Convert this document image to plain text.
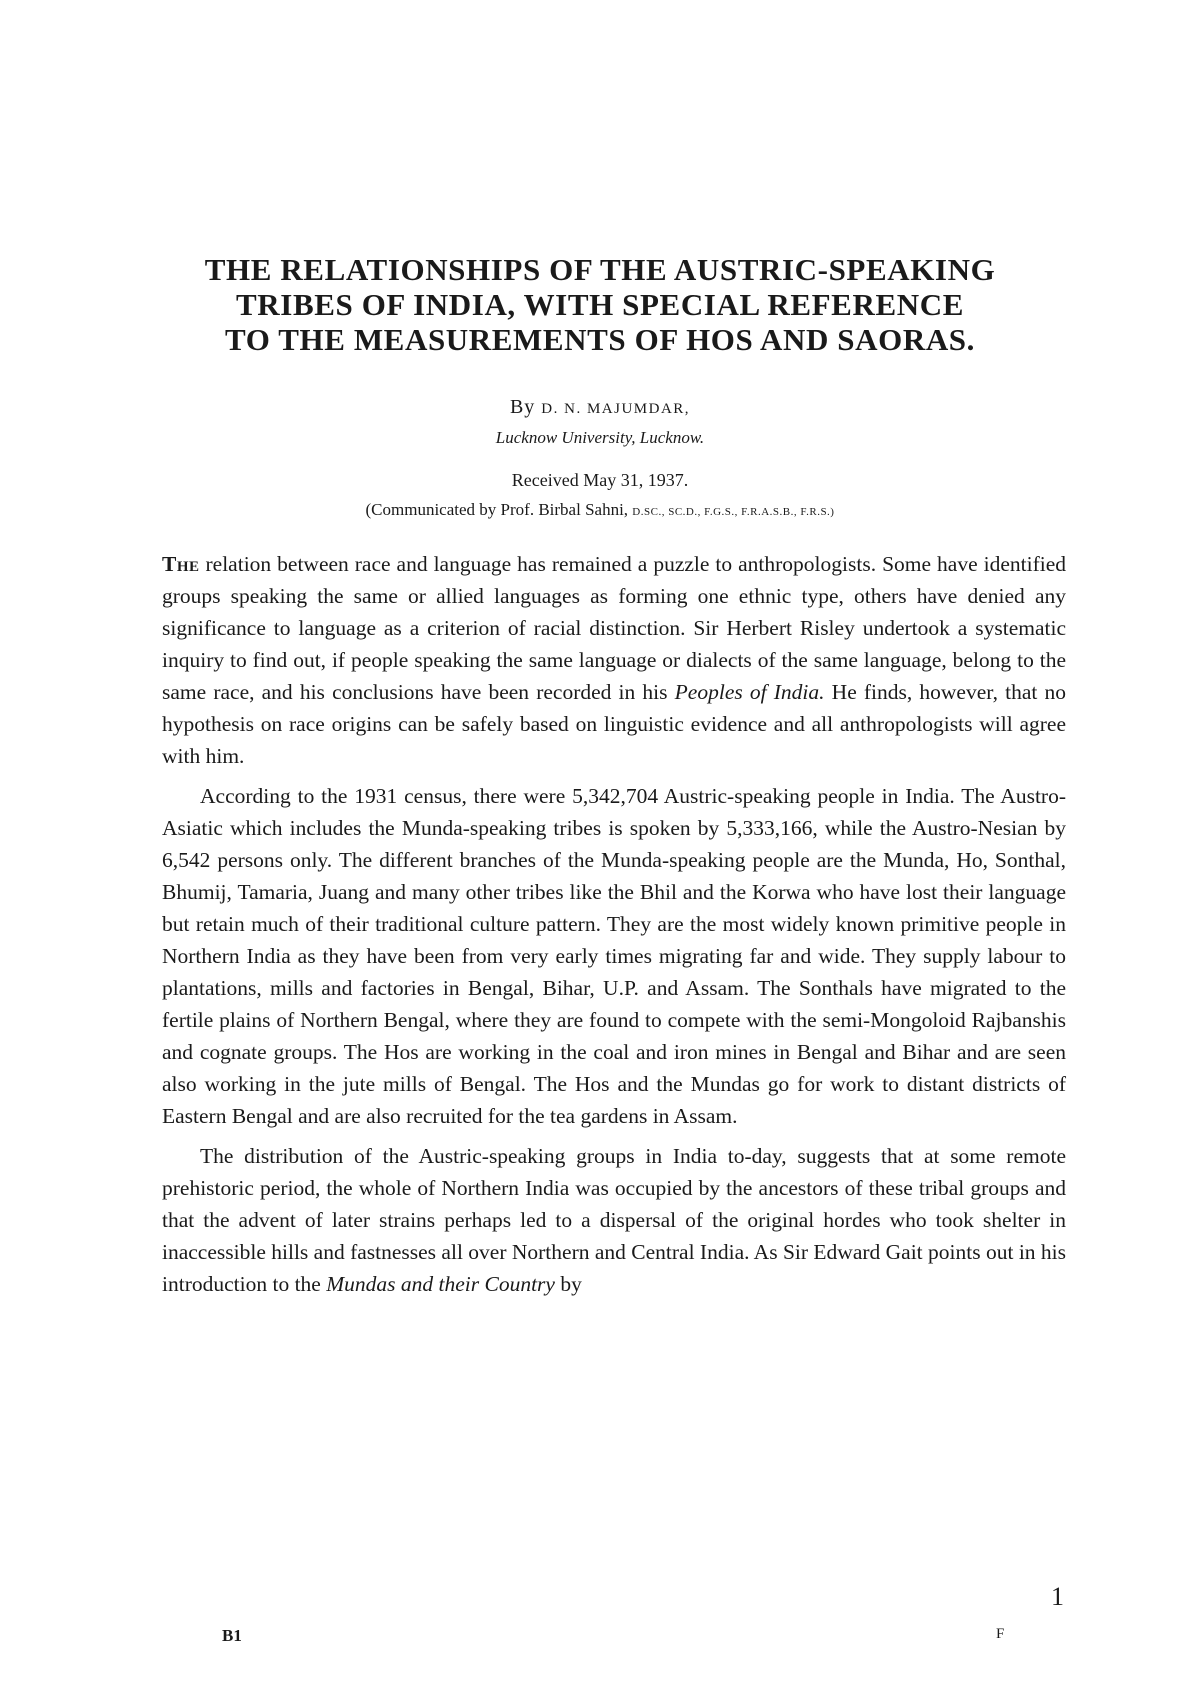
THE RELATIONSHIPS OF THE AUSTRIC-SPEAKING
TRIBES OF INDIA, WITH SPECIAL REFERENCE
TO THE MEASUREMENTS OF HOS AND SAORAS.
By D. N. MAJUMDAR,
Lucknow University, Lucknow.
Received May 31, 1937.
(Communicated by Prof. Birbal Sahni, D.SC., SC.D., F.G.S., F.R.A.S.B., F.R.S.)

The relation between race and language has remained a puzzle to anthropologists. Some have identified groups speaking the same or allied languages as forming one ethnic type, others have denied any significance to language as a criterion of racial distinction. Sir Herbert Risley undertook a systematic inquiry to find out, if people speaking the same language or dialects of the same language, belong to the same race, and his conclusions have been recorded in his Peoples of India. He finds, however, that no hypothesis on race origins can be safely based on linguistic evidence and all anthropologists will agree with him.

According to the 1931 census, there were 5,342,704 Austric-speaking people in India. The Austro-Asiatic which includes the Munda-speaking tribes is spoken by 5,333,166, while the Austro-Nesian by 6,542 persons only. The different branches of the Munda-speaking people are the Munda, Ho, Sonthal, Bhumij, Tamaria, Juang and many other tribes like the Bhil and the Korwa who have lost their language but retain much of their traditional culture pattern. They are the most widely known primitive people in Northern India as they have been from very early times migrating far and wide. They supply labour to plantations, mills and factories in Bengal, Bihar, U.P. and Assam. The Sonthals have migrated to the fertile plains of Northern Bengal, where they are found to compete with the semi-Mongoloid Rajbanshis and cognate groups. The Hos are working in the coal and iron mines in Bengal and Bihar and are seen also working in the jute mills of Bengal. The Hos and the Mundas go for work to distant districts of Eastern Bengal and are also recruited for the tea gardens in Assam.

The distribution of the Austric-speaking groups in India to-day, suggests that at some remote prehistoric period, the whole of Northern India was occupied by the ancestors of these tribal groups and that the advent of later strains perhaps led to a dispersal of the original hordes who took shelter in inaccessible hills and fastnesses all over Northern and Central India. As Sir Edward Gait points out in his introduction to the Mundas and their Country by

1
B1	F
